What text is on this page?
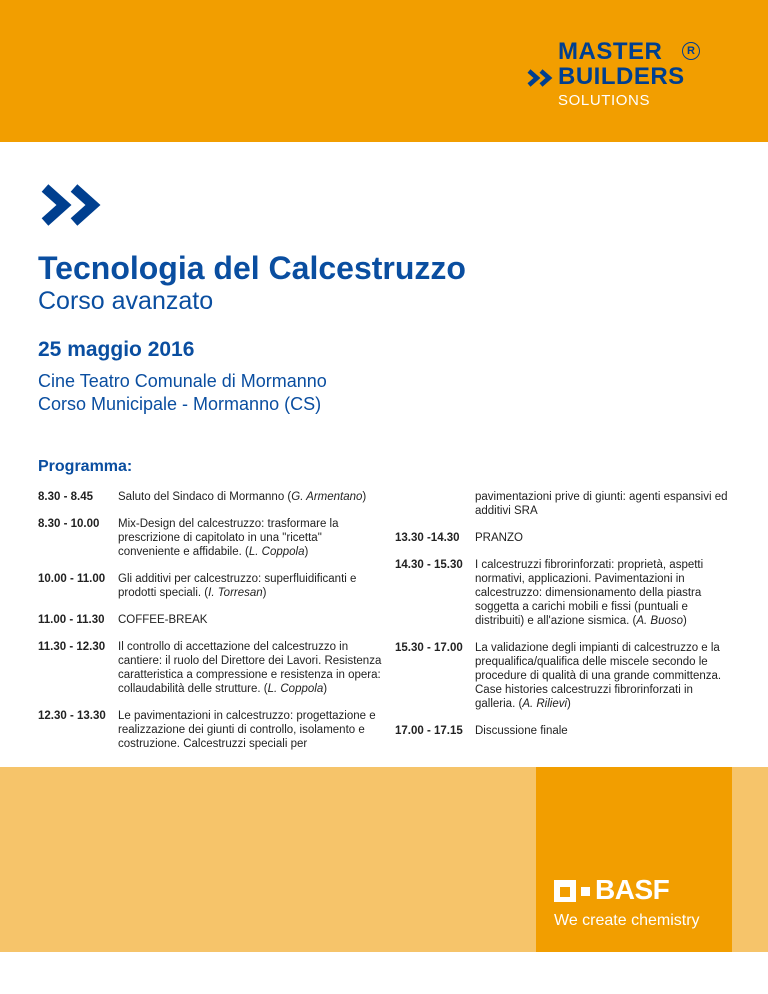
MASTER	R
BUILDERS
SOLUTIONS
Tecnologia del Calcestruzzo
Corso avanzato
25 maggio 2016
Cine Teatro Comunale di Mormanno
Corso Municipale - Mormanno (CS)
Programma:
8.30 - 8.45	Saluto del Sindaco di Mormanno (G. Armentano)
8.30 - 10.00	Mix-Design del calcestruzzo: trasformare la prescrizione di capitolato in una "ricetta" conveniente e affidabile. (L. Coppola)
10.00 - 11.00	Gli additivi per calcestruzzo: superfluidificanti e prodotti speciali. (I. Torresan)
11.00 - 11.30	COFFEE-BREAK
11.30 - 12.30	Il controllo di accettazione del calcestruzzo in cantiere: il ruolo del Direttore dei Lavori. Resistenza caratteristica a compressione e resistenza in opera: collaudabilità delle strutture. (L. Coppola)
12.30 - 13.30	Le pavimentazioni in calcestruzzo: progettazione e realizzazione dei giunti di controllo, isolamento e costruzione. Calcestruzzi speciali per
pavimentazioni prive di giunti: agenti espansivi ed additivi SRA
13.30 -14.30	PRANZO
14.30 - 15.30	I calcestruzzi fibrorinforzati: proprietà, aspetti normativi, applicazioni. Pavimentazioni in calcestruzzo: dimensionamento della piastra soggetta a carichi mobili e fissi (puntuali e distribuiti) e all'azione sismica. (A. Buoso)
15.30 - 17.00	La validazione degli impianti di calcestruzzo e la prequalifica/qualifica delle miscele secondo le procedure di qualità di una grande committenza. Case histories calcestruzzi fibrorinforzati in galleria. (A. Rilievi)
17.00 - 17.15	Discussione finale
BASF
We create chemistry
